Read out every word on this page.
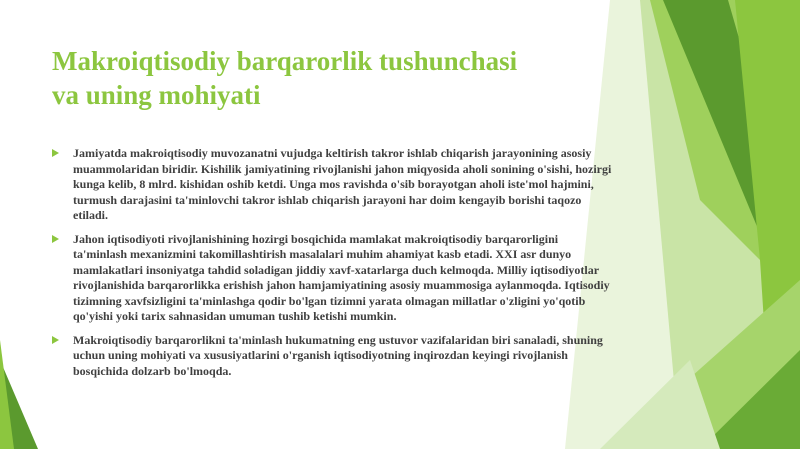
Makroiqtisodiy barqarorlik tushunchasi
va uning mohiyati
Jamiyatda makroiqtisodiy muvozanatni vujudga keltirish takror ishlab chiqarish jarayonining asosiy muammolaridan biridir. Kishilik jamiyatining rivojlanishi jahon miqyosida aholi sonining o'sishi, hozirgi kunga kelib, 8 mlrd. kishidan oshib ketdi. Unga mos ravishda o'sib borayotgan aholi iste'mol hajmini, turmush darajasini ta'minlovchi takror ishlab chiqarish jarayoni har doim kengayib borishi taqozo etiladi.
Jahon iqtisodiyoti rivojlanishining hozirgi bosqichida mamlakat makroiqtisodiy barqarorligini ta'minlash mexanizmini takomillashtirish masalalari muhim ahamiyat kasb etadi. XXI asr dunyo mamlakatlari insoniyatga tahdid soladigan jiddiy xavf-xatarlarga duch kelmoqda. Milliy iqtisodiyotlar rivojlanishida barqarorlikka erishish jahon hamjamiyatining asosiy muammosiga aylanmoqda. Iqtisodiy tizimning xavfsizligini ta'minlashga qodir bo'lgan tizimni yarata olmagan millatlar o'zligini yo'qotib qo'yishi yoki tarix sahnasidan umuman tushib ketishi mumkin.
Makroiqtisodiy barqarorlikni ta'minlash hukumatning eng ustuvor vazifalaridan biri sanaladi, shuning uchun uning mohiyati va xususiyatlarini o'rganish iqtisodiyotning inqirozdan keyingi rivojlanish bosqichida dolzarb bo'lmoqda.
